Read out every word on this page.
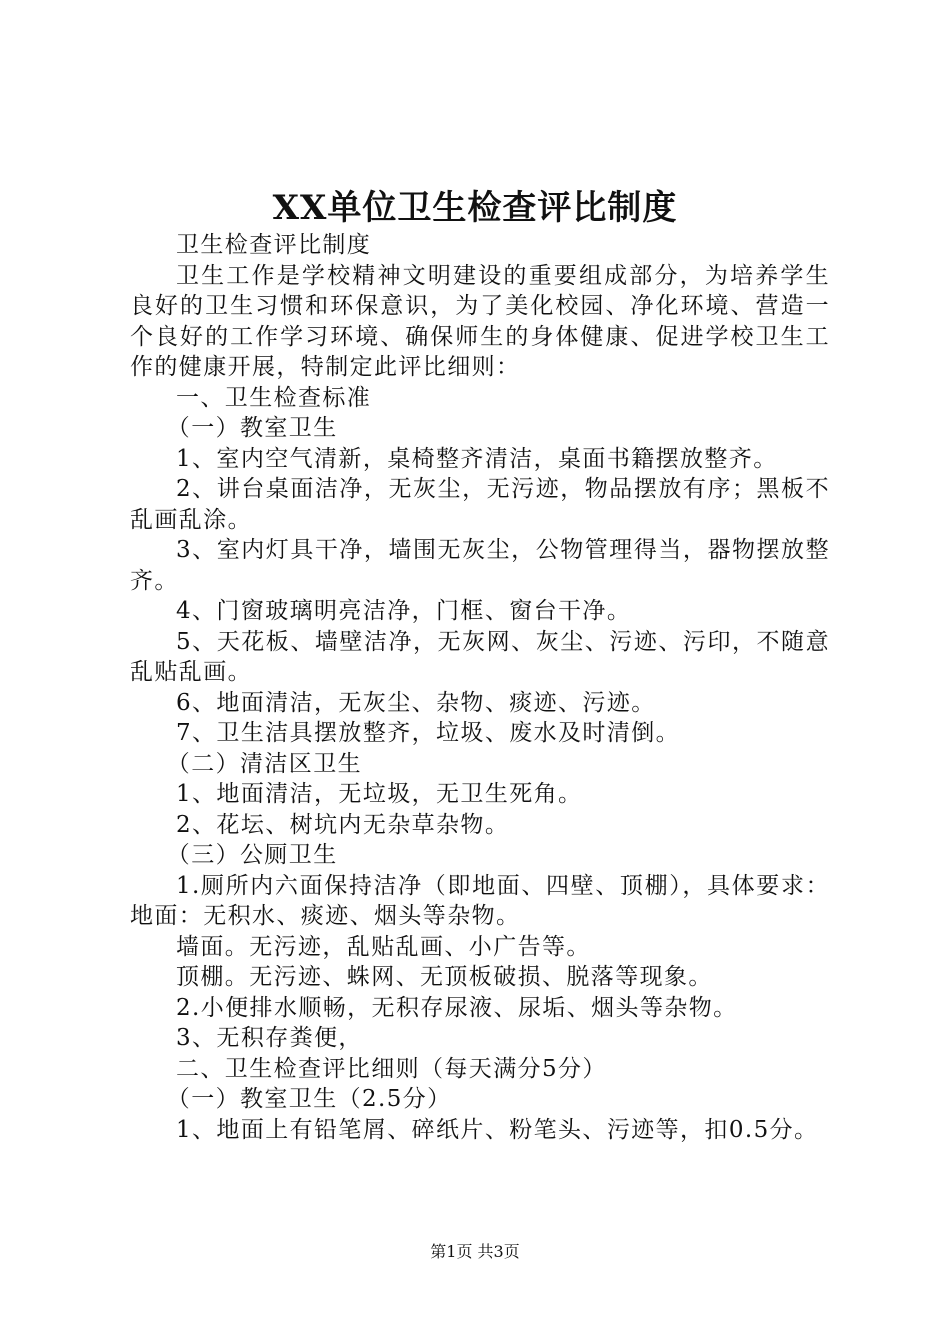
XX单位卫生检查评比制度

卫生检查评比制度

卫生工作是学校精神文明建设的重要组成部分，为培养学生良好的卫生习惯和环保意识，为了美化校园、净化环境、营造一个良好的工作学习环境、确保师生的身体健康、促进学校卫生工作的健康开展，特制定此评比细则：

一、卫生检查标准

（一）教室卫生

1、室内空气清新，桌椅整齐清洁，桌面书籍摆放整齐。

2、讲台桌面洁净，无灰尘，无污迹，物品摆放有序；黑板不乱画乱涂。

3、室内灯具干净，墙围无灰尘，公物管理得当，器物摆放整齐。

4、门窗玻璃明亮洁净，门框、窗台干净。

5、天花板、墙壁洁净，无灰网、灰尘、污迹、污印，不随意乱贴乱画。

6、地面清洁，无灰尘、杂物、痰迹、污迹。

7、卫生洁具摆放整齐，垃圾、废水及时清倒。

（二）清洁区卫生

1、地面清洁，无垃圾，无卫生死角。

2、花坛、树坑内无杂草杂物。

（三）公厕卫生

1.厕所内六面保持洁净（即地面、四壁、顶棚），具体要求：地面：无积水、痰迹、烟头等杂物。

墙面。无污迹，乱贴乱画、小广告等。

顶棚。无污迹、蛛网、无顶板破损、脱落等现象。

2.小便排水顺畅，无积存尿液、尿垢、烟头等杂物。

3、无积存粪便，

二、卫生检查评比细则（每天满分5分）

（一）教室卫生（2.5分）

1、地面上有铅笔屑、碎纸片、粉笔头、污迹等，扣0.5分。

第1页 共3页
